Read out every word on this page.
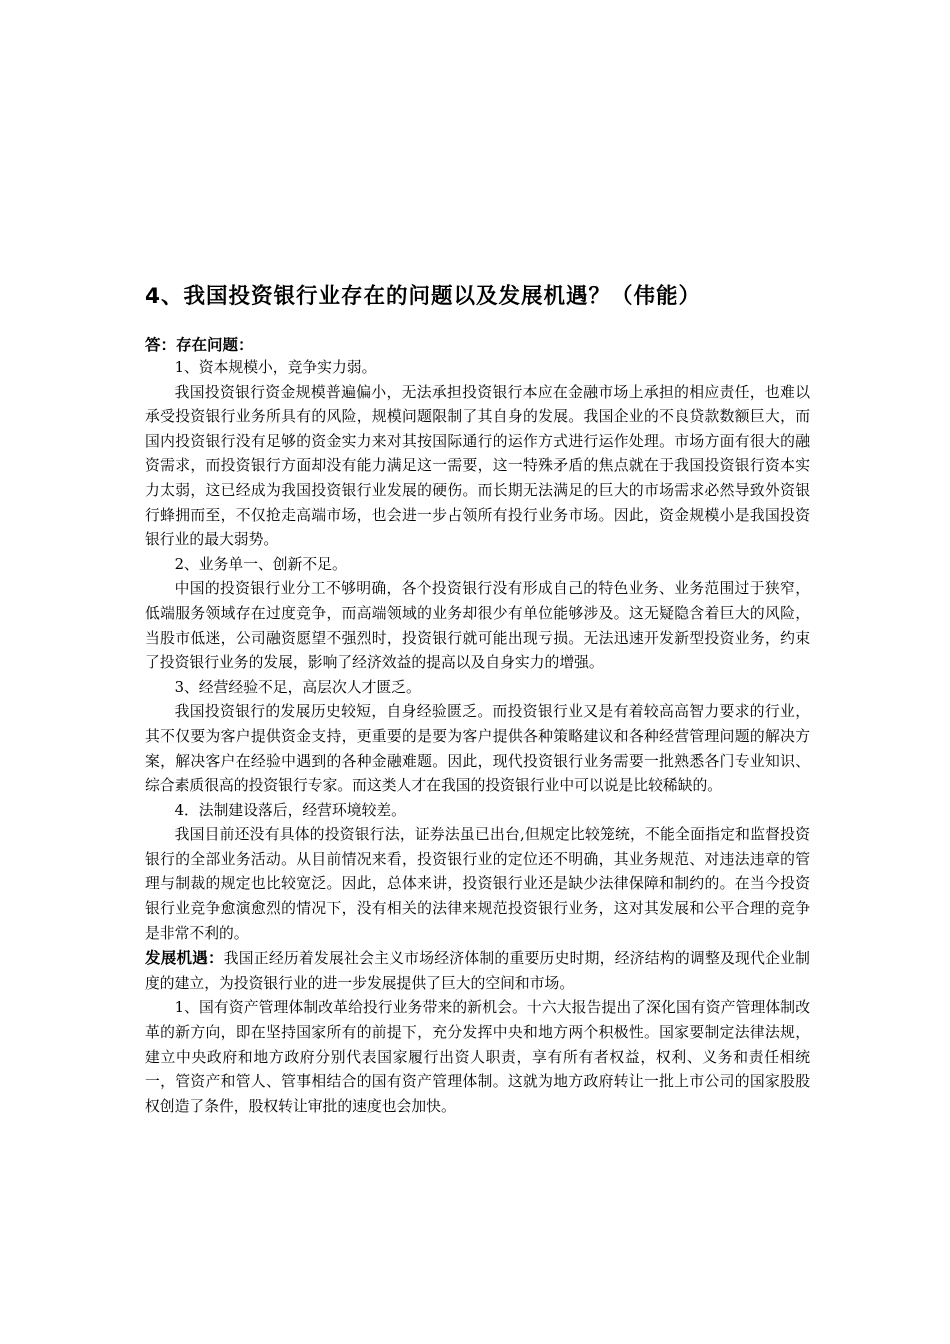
4、我国投资银行业存在的问题以及发展机遇？（伟能）
答：存在问题：

1、资本规模小，竞争实力弱。

我国投资银行资金规模普遍偏小，无法承担投资银行本应在金融市场上承担的相应责任，也难以承受投资银行业务所具有的风险，规模问题限制了其自身的发展。我国企业的不良贷款数额巨大，而国内投资银行没有足够的资金实力来对其按国际通行的运作方式进行运作处理。市场方面有很大的融资需求，而投资银行方面却没有能力满足这一需要，这一特殊矛盾的焦点就在于我国投资银行资本实力太弱，这已经成为我国投资银行业发展的硬伤。而长期无法满足的巨大的市场需求必然导致外资银行蜂拥而至，不仅抢走高端市场，也会进一步占领所有投行业务市场。因此，资金规模小是我国投资银行业的最大弱势。

2、业务单一、创新不足。

中国的投资银行业分工不够明确，各个投资银行没有形成自己的特色业务、业务范围过于狭窄，低端服务领域存在过度竞争，而高端领域的业务却很少有单位能够涉及。这无疑隐含着巨大的风险，当股市低迷，公司融资愿望不强烈时，投资银行就可能出现亏损。无法迅速开发新型投资业务，约束了投资银行业务的发展，影响了经济效益的提高以及自身实力的增强。

3、经营经验不足，高层次人才匮乏。

我国投资银行的发展历史较短，自身经验匮乏。而投资银行业又是有着较高高智力要求的行业，其不仅要为客户提供资金支持，更重要的是要为客户提供各种策略建议和各种经营管理问题的解决方案，解决客户在经验中遇到的各种金融难题。因此，现代投资银行业务需要一批熟悉各门专业知识、综合素质很高的投资银行专家。而这类人才在我国的投资银行业中可以说是比较稀缺的。

4．法制建设落后，经营环境较差。

我国目前还没有具体的投资银行法，证券法虽已出台,但规定比较笼统，不能全面指定和监督投资银行的全部业务活动。从目前情况来看，投资银行业的定位还不明确，其业务规范、对违法违章的管理与制裁的规定也比较宽泛。因此，总体来讲，投资银行业还是缺少法律保障和制约的。在当今投资银行业竞争愈演愈烈的情况下，没有相关的法律来规范投资银行业务，这对其发展和公平合理的竞争是非常不利的。

发展机遇：我国正经历着发展社会主义市场经济体制的重要历史时期，经济结构的调整及现代企业制度的建立，为投资银行业的进一步发展提供了巨大的空间和市场。

1、国有资产管理体制改革给投行业务带来的新机会。十六大报告提出了深化国有资产管理体制改革的新方向，即在坚持国家所有的前提下，充分发挥中央和地方两个积极性。国家要制定法律法规，建立中央政府和地方政府分别代表国家履行出资人职责，享有所有者权益，权利、义务和责任相统一，管资产和管人、管事相结合的国有资产管理体制。这就为地方政府转让一批上市公司的国家股股权创造了条件，股权转让审批的速度也会加快。
